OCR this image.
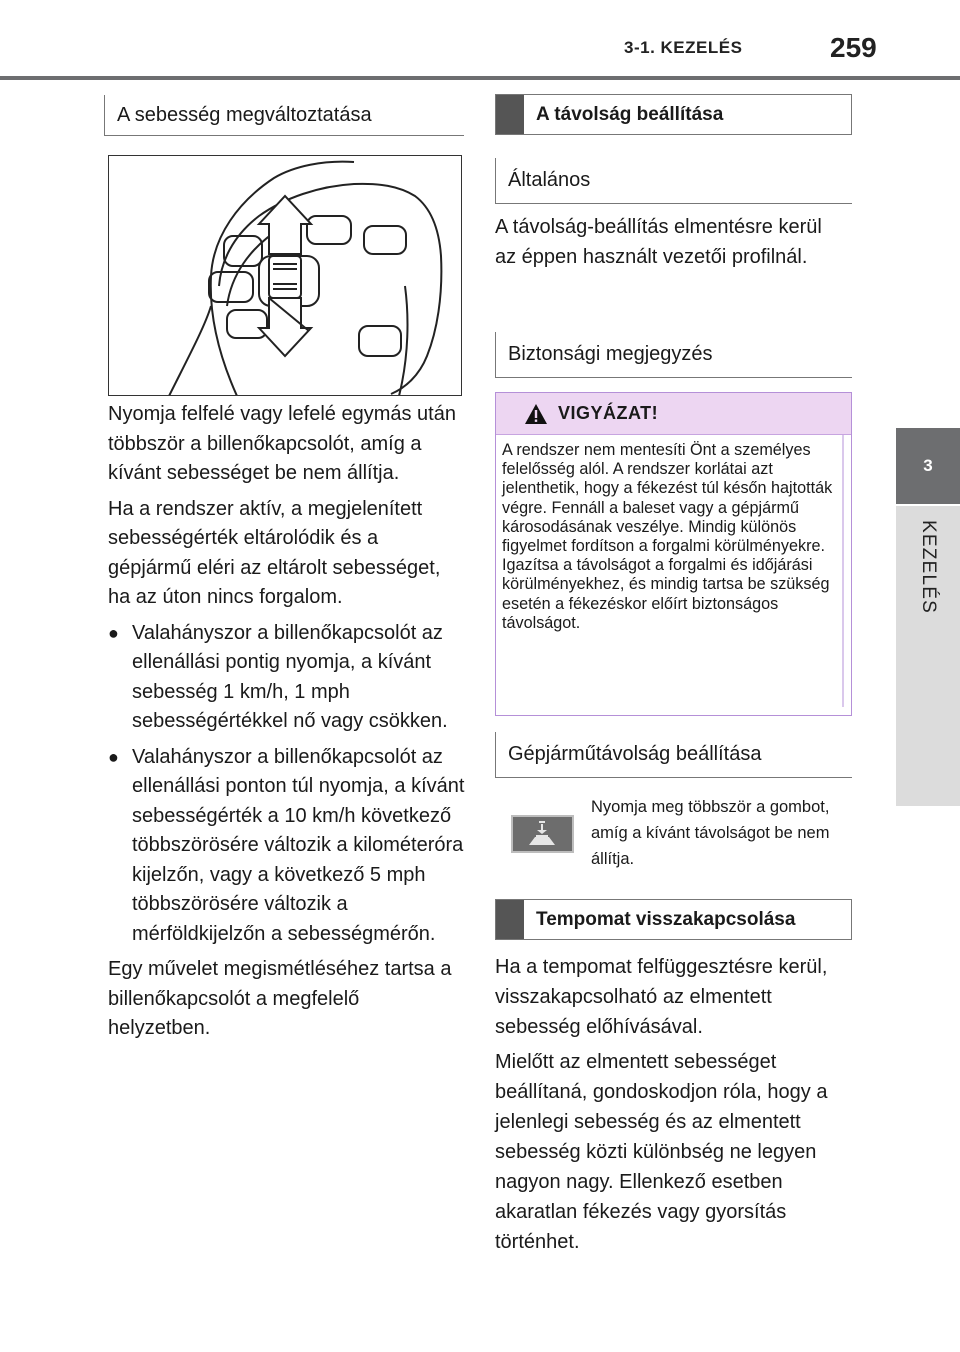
3-1. KEZELÉS	259
3
KEZELÉS
A sebesség megváltoztatása

Nyomja felfelé vagy lefelé egymás után többször a billenőkapcsolót, amíg a kívánt sebességet be nem állítja.

Ha a rendszer aktív, a megjelenített sebességérték eltárolódik és a gépjármű eléri az eltárolt sebességet, ha az úton nincs forgalom.

● Valahányszor a billenőkapcsolót az ellenállási pontig nyomja, a kívánt sebesség 1 km/h, 1 mph sebességértékkel nő vagy csökken.

● Valahányszor a billenőkapcsolót az ellenállási ponton túl nyomja, a kívánt sebességérték a 10 km/h következő többszörösére változik a kilométeróra kijelzőn, vagy a következő 5 mph többszörösére változik a mérföldkijelzőn a sebességmérőn.

Egy művelet megismétléséhez tartsa a billenőkapcsolót a megfelelő helyzetben.

A távolság beállítása
Általános
A távolság-beállítás elmentésre kerül az éppen használt vezetői profilnál.
Biztonsági megjegyzés
VIGYÁZAT!
A rendszer nem mentesíti Önt a személyes felelősség alól. A rendszer korlátai azt jelenthetik, hogy a fékezést túl későn hajtották végre. Fennáll a baleset vagy a gépjármű károsodásának veszélye. Mindig különös figyelmet fordítson a forgalmi körülményekre. Igazítsa a távolságot a forgalmi és időjárási körülményekhez, és mindig tartsa be szükség esetén a fékezéskor előírt biztonságos távolságot.
Gépjárműtávolság beállítása
Nyomja meg többször a gombot, amíg a kívánt távolságot be nem állítja.
Tempomat visszakapcsolása

Ha a tempomat felfüggesztésre kerül, visszakapcsolható az elmentett sebesség előhívásával.

Mielőtt az elmentett sebességet beállítaná, gondoskodjon róla, hogy a jelenlegi sebesség és az elmentett sebesség közti különbség ne legyen nagyon nagy. Ellenkező esetben akaratlan fékezés vagy gyorsítás történhet.
